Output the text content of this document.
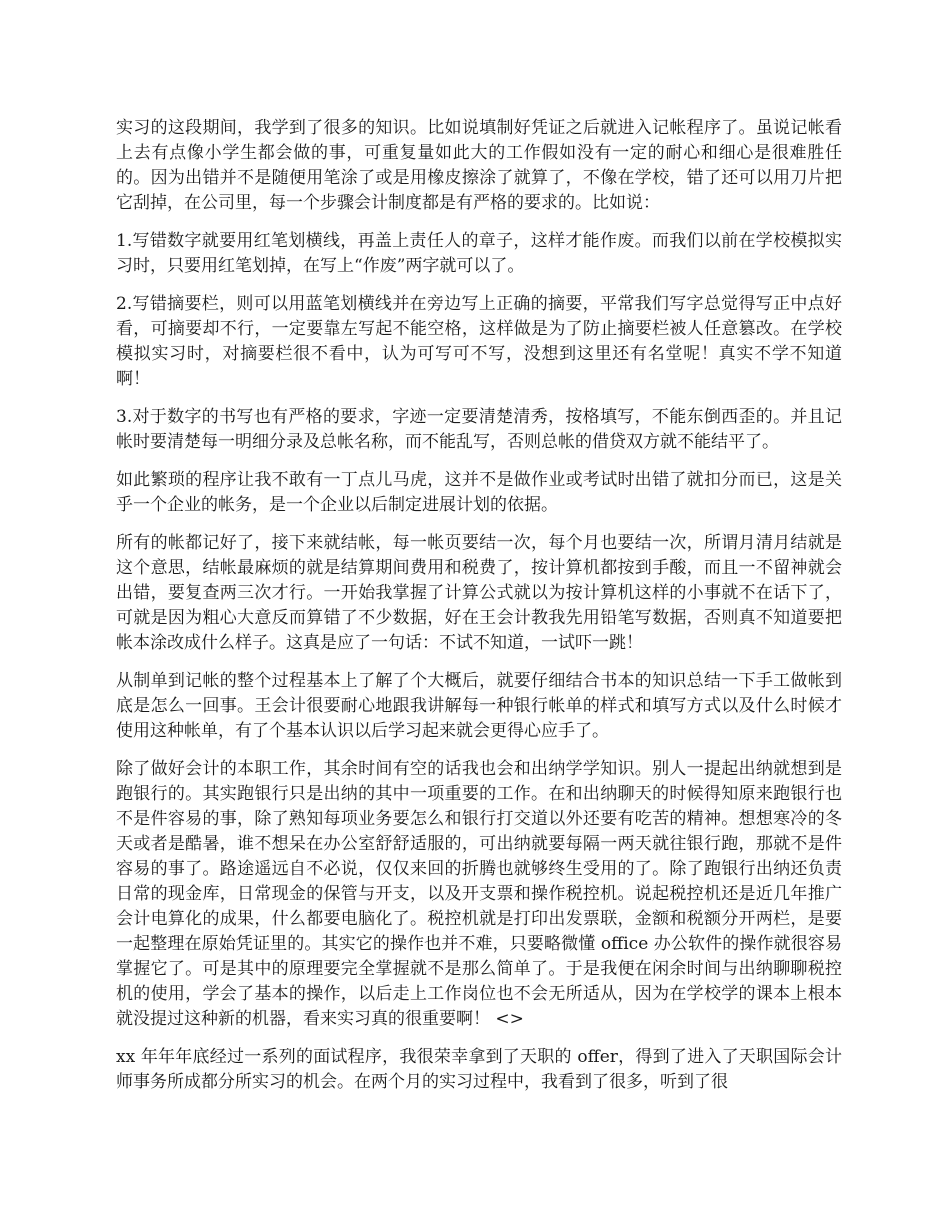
实习的这段期间，我学到了很多的知识。比如说填制好凭证之后就进入记帐程序了。虽说记帐看上去有点像小学生都会做的事，可重复量如此大的工作假如没有一定的耐心和细心是很难胜任的。因为出错并不是随便用笔涂了或是用橡皮擦涂了就算了，不像在学校，错了还可以用刀片把它刮掉，在公司里，每一个步骤会计制度都是有严格的要求的。比如说：

1.写错数字就要用红笔划横线，再盖上责任人的章子，这样才能作废。而我们以前在学校模拟实习时，只要用红笔划掉，在写上“作废”两字就可以了。

2.写错摘要栏，则可以用蓝笔划横线并在旁边写上正确的摘要，平常我们写字总觉得写正中点好看，可摘要却不行，一定要靠左写起不能空格，这样做是为了防止摘要栏被人任意篡改。在学校模拟实习时，对摘要栏很不看中，认为可写可不写，没想到这里还有名堂呢！真实不学不知道啊！

3.对于数字的书写也有严格的要求，字迹一定要清楚清秀，按格填写，不能东倒西歪的。并且记帐时要清楚每一明细分录及总帐名称，而不能乱写，否则总帐的借贷双方就不能结平了。

如此繁琐的程序让我不敢有一丁点儿马虎，这并不是做作业或考试时出错了就扣分而已，这是关乎一个企业的帐务，是一个企业以后制定进展计划的依据。

所有的帐都记好了，接下来就结帐，每一帐页要结一次，每个月也要结一次，所谓月清月结就是这个意思，结帐最麻烦的就是结算期间费用和税费了，按计算机都按到手酸，而且一不留神就会出错，要复查两三次才行。一开始我掌握了计算公式就以为按计算机这样的小事就不在话下了，可就是因为粗心大意反而算错了不少数据，好在王会计教我先用铅笔写数据，否则真不知道要把帐本涂改成什么样子。这真是应了一句话：不试不知道，一试吓一跳！

从制单到记帐的整个过程基本上了解了个大概后，就要仔细结合书本的知识总结一下手工做帐到底是怎么一回事。王会计很要耐心地跟我讲解每一种银行帐单的样式和填写方式以及什么时候才使用这种帐单，有了个基本认识以后学习起来就会更得心应手了。

除了做好会计的本职工作，其余时间有空的话我也会和出纳学学知识。别人一提起出纳就想到是跑银行的。其实跑银行只是出纳的其中一项重要的工作。在和出纳聊天的时候得知原来跑银行也不是件容易的事，除了熟知每项业务要怎么和银行打交道以外还要有吃苦的精神。想想寒冷的冬天或者是酷暑，谁不想呆在办公室舒舒适服的，可出纳就要每隔一两天就往银行跑，那就不是件容易的事了。路途遥远自不必说，仅仅来回的折腾也就够终生受用的了。除了跑银行出纳还负责日常的现金库，日常现金的保管与开支，以及开支票和操作税控机。说起税控机还是近几年推广会计电算化的成果，什么都要电脑化了。税控机就是打印出发票联，金额和税额分开两栏，是要一起整理在原始凭证里的。其实它的操作也并不难，只要略微懂 office 办公软件的操作就很容易掌握它了。可是其中的原理要完全掌握就不是那么简单了。于是我便在闲余时间与出纳聊聊税控机的使用，学会了基本的操作，以后走上工作岗位也不会无所适从，因为在学校学的课本上根本就没提过这种新的机器，看来实习真的很重要啊！ <>

xx 年年年底经过一系列的面试程序，我很荣幸拿到了天职的 offer，得到了进入了天职国际会计师事务所成都分所实习的机会。在两个月的实习过程中，我看到了很多，听到了很
